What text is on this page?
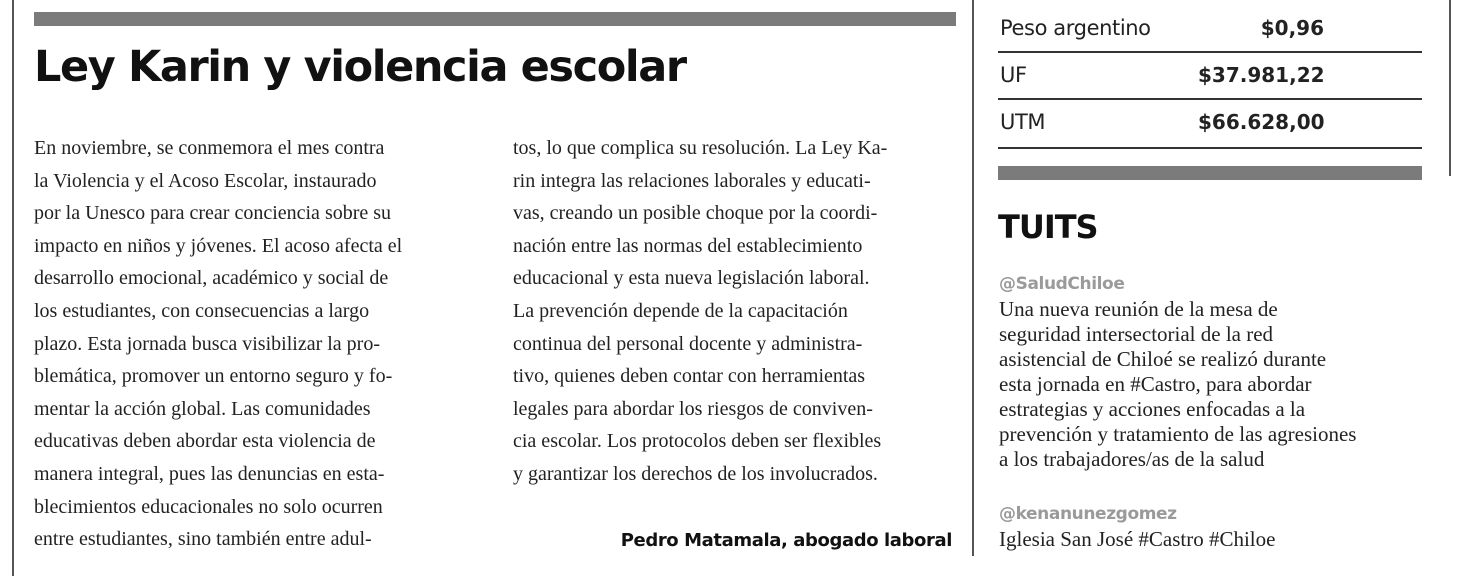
Ley Karin y violencia escolar

En noviembre, se conmemora el mes contra
la Violencia y el Acoso Escolar, instaurado
por la Unesco para crear conciencia sobre su
impacto en niños y jóvenes. El acoso afecta el
desarrollo emocional, académico y social de
los estudiantes, con consecuencias a largo
plazo. Esta jornada busca visibilizar la pro-
blemática, promover un entorno seguro y fo-
mentar la acción global. Las comunidades
educativas deben abordar esta violencia de
manera integral, pues las denuncias en esta-
blecimientos educacionales no solo ocurren
entre estudiantes, sino también entre adul-

tos, lo que complica su resolución. La Ley Ka-
rin integra las relaciones laborales y educati-
vas, creando un posible choque por la coordi-
nación entre las normas del establecimiento
educacional y esta nueva legislación laboral.
La prevención depende de la capacitación
continua del personal docente y administra-
tivo, quienes deben contar con herramientas
legales para abordar los riesgos de conviven-
cia escolar. Los protocolos deben ser flexibles
y garantizar los derechos de los involucrados.

Pedro Matamala, abogado laboral
Peso argentino	$0,96
UF	$37.981,22
UTM	$66.628,00
TUITS
@SaludChiloe
Una nueva reunión de la mesa de
seguridad intersectorial de la red
asistencial de Chiloé se realizó durante
esta jornada en #Castro, para abordar
estrategias y acciones enfocadas a la
prevención y tratamiento de las agresiones
a los trabajadores/as de la salud
@kenanunezgomez
Iglesia San José #Castro #Chiloe
